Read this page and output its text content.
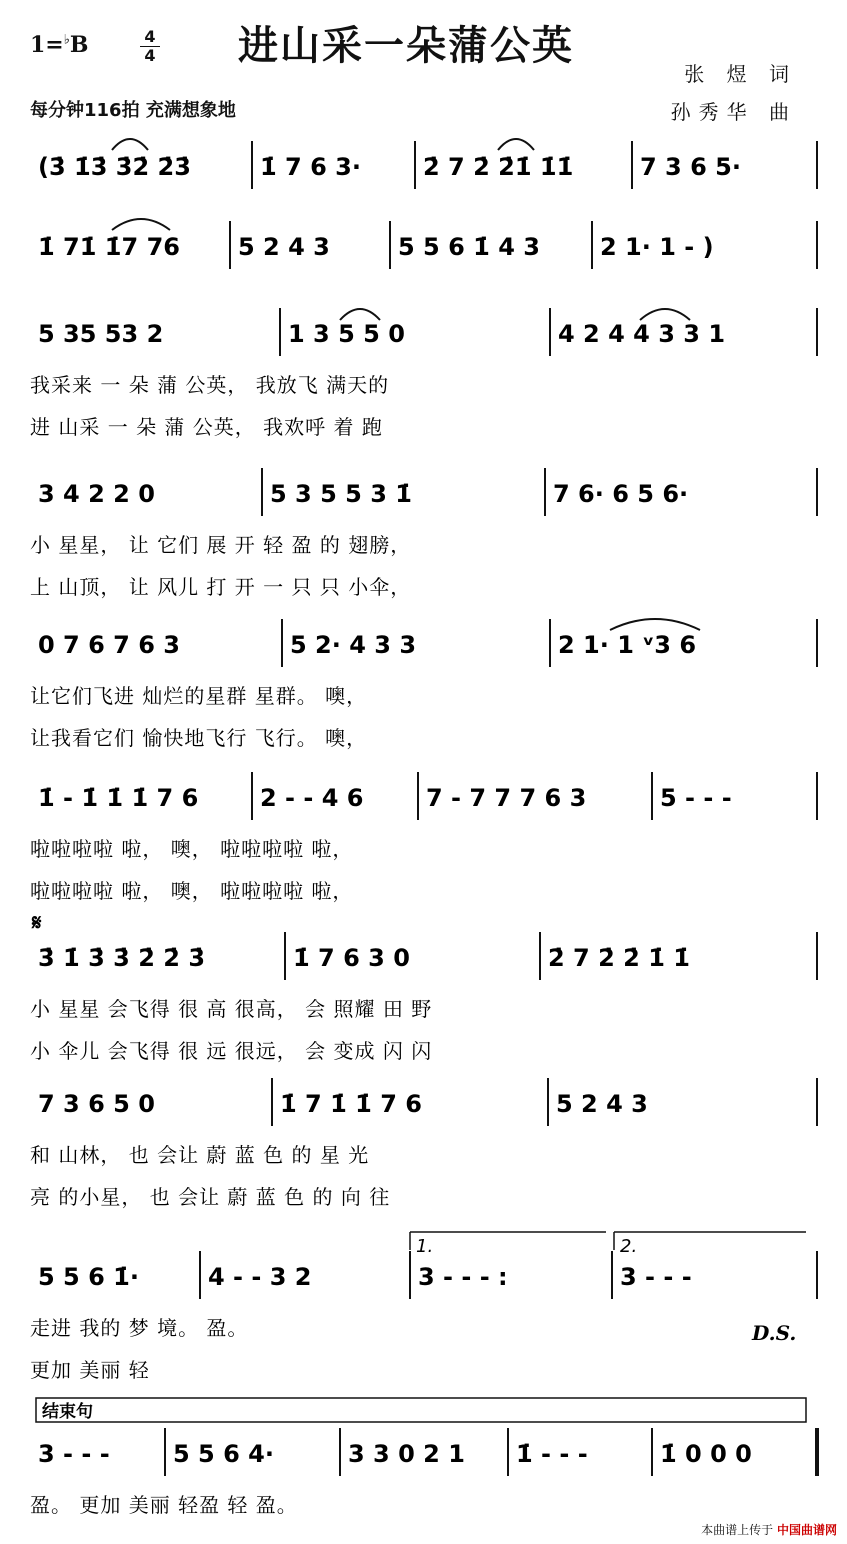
进山采一朵蒲公英
1=♭B	4
4
每分钟116拍 充满想象地
张 煜 词
孙秀华 曲
(3̇ 1̇3̇ 3̇2̇ 2̇3̇	1̇ 7 6 3·	2̇ 7 2̇ 2̇1̇ 1̇1̇	7 3 6 5·
1̇ 71̇ 1̇7 76 5 2 4 3	5 5 6 1̇ 4 3	2 1· 1 - )
5 35 53 2	1 3 5 5 0	4 2 4 4 3 3 1
我采来 一 朵 蒲 公英， 我放飞 满天的
进 山采 一 朵 蒲 公英， 我欢呼 着 跑
3 4 2 2 0	5 3 5 5 3 1̇	7 6· 6 5 6·
小 星星， 让 它们 展 开 轻 盈 的 翅膀，
上 山顶， 让 风儿 打 开 一 只 只 小伞，
0 7 6 7 6 3	5 2· 4 3 3	2 1· 1 ᵛ3 6
让它们飞进 灿烂的星群 星群。 噢，
让我看它们 愉快地飞行 飞行。 噢，
1̇ - 1̇ 1̇ 1̇ 7 6	2 - - 4 6	7 - 7 7 7 6 3	5 - - -
啦啦啦啦 啦， 噢， 啦啦啦啦 啦，
啦啦啦啦 啦， 噢， 啦啦啦啦 啦，
3̇ 1̇ 3̇ 3̇ 2̇ 2̇ 3̇	1̇ 7 6 3 0	2̇ 7 2̇ 2̇ 1̇ 1̇
小 星星 会飞得 很 高 很高， 会 照耀 田 野
小 伞儿 会飞得 很 远 很远， 会 变成 闪 闪
7 3 6 5 0	1̇ 7 1̇ 1̇ 7 6	5 2 4 3
和 山林， 也 会让 蔚 蓝 色 的 星 光
亮 的小星， 也 会让 蔚 蓝 色 的 向 往
5 5 6 1̇·	4 - - 3 2	3 - - - :	3 - - -
走进 我的 梦 境。 盈。
更加 美丽 轻
3 - - -	5 5 6 4·	3 3 0 2 1 1̇ - - -	1̇ 0 0 0
盈。 更加 美丽 轻盈 轻 盈。
𝄋
1.	2.
D.S.
结束句
本曲谱上传于 中国曲谱网
